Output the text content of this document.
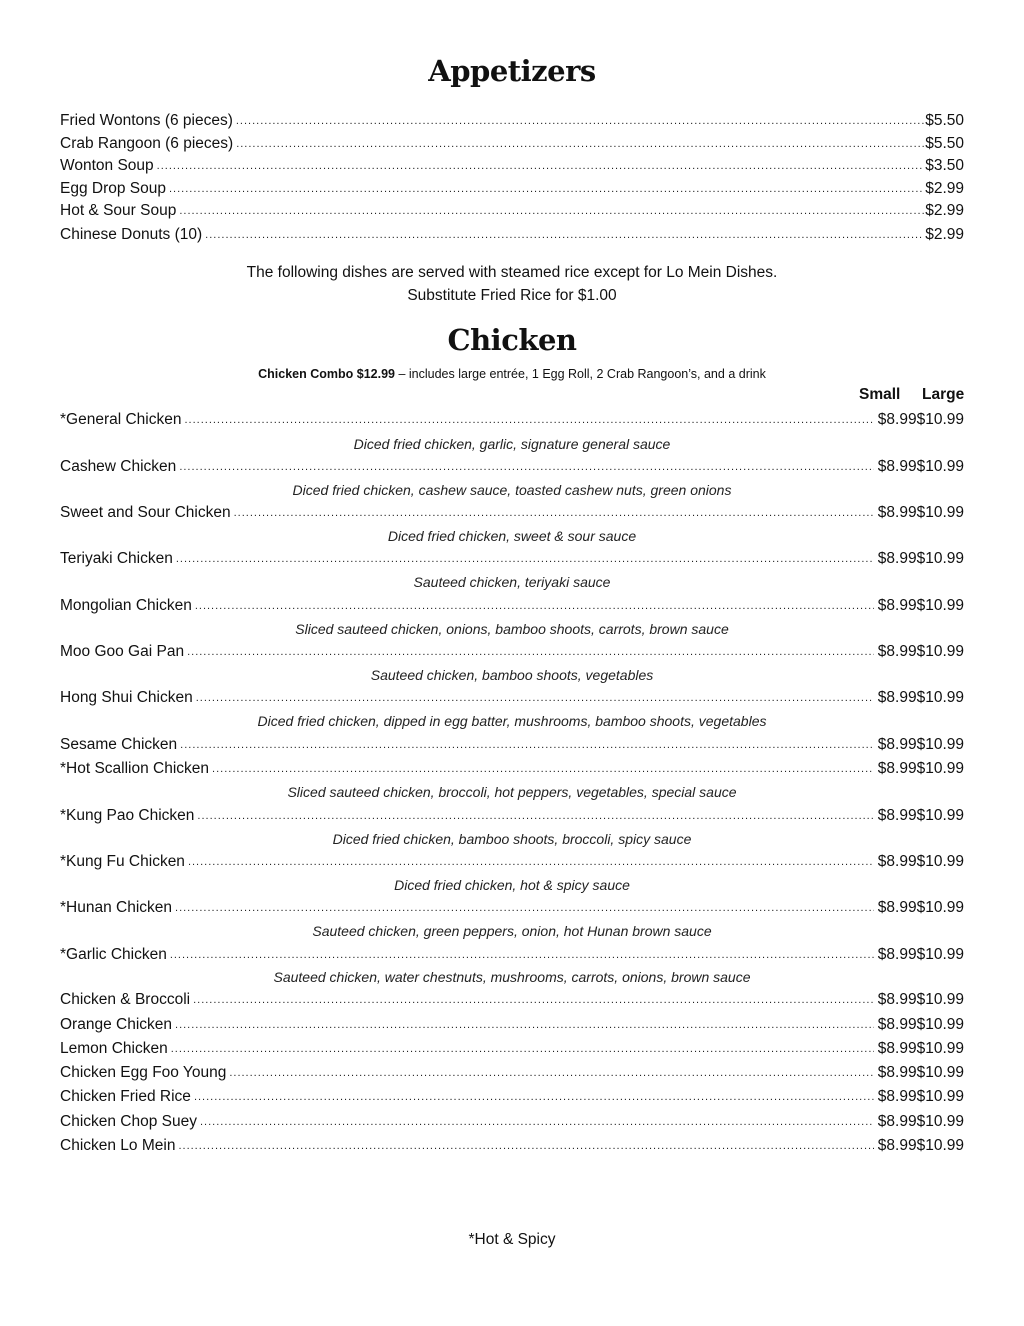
Appetizers
Fried Wontons (6 pieces) .....	$5.50
Crab Rangoon (6 pieces) .....	$5.50
Wonton Soup .....	$3.50
Egg Drop Soup .....	$2.99
Hot & Sour Soup .....	$2.99
Chinese Donuts (10) .....	$2.99
The following dishes are served with steamed rice except for Lo Mein Dishes.
Substitute Fried Rice for $1.00
Chicken
Chicken Combo $12.99 – includes large entrée, 1 Egg Roll, 2 Crab Rangoon’s, and a drink
Small Large
*General Chicken .....	$8.99 $10.99
Diced fried chicken, garlic, signature general sauce
Cashew Chicken .....	$8.99 $10.99
Diced fried chicken, cashew sauce, toasted cashew nuts, green onions
Sweet and Sour Chicken .....	$8.99 $10.99
Diced fried chicken, sweet & sour sauce
Teriyaki Chicken .....	$8.99 $10.99
Sauteed chicken, teriyaki sauce
Mongolian Chicken .....	$8.99 $10.99
Sliced sauteed chicken, onions, bamboo shoots, carrots, brown sauce
Moo Goo Gai Pan .....	$8.99 $10.99
Sauteed chicken, bamboo shoots, vegetables
Hong Shui Chicken .....	$8.99 $10.99
Diced fried chicken, dipped in egg batter, mushrooms, bamboo shoots, vegetables
Sesame Chicken .....	$8.99 $10.99
*Hot Scallion Chicken .....	$8.99 $10.99
Sliced sauteed chicken, broccoli, hot peppers, vegetables, special sauce
*Kung Pao Chicken .....	$8.99 $10.99
Diced fried chicken, bamboo shoots, broccoli, spicy sauce
*Kung Fu Chicken .....	$8.99 $10.99
Diced fried chicken, hot & spicy sauce
*Hunan Chicken .....	$8.99 $10.99
Sauteed chicken, green peppers, onion, hot Hunan brown sauce
*Garlic Chicken .....	$8.99 $10.99
Sauteed chicken, water chestnuts, mushrooms, carrots, onions, brown sauce
Chicken & Broccoli .....	$8.99 $10.99
Orange Chicken .....	$8.99 $10.99
Lemon Chicken .....	$8.99 $10.99
Chicken Egg Foo Young .....	$8.99 $10.99
Chicken Fried Rice .....	$8.99 $10.99
Chicken Chop Suey .....	$8.99 $10.99
Chicken Lo Mein .....	$8.99 $10.99
*Hot & Spicy
